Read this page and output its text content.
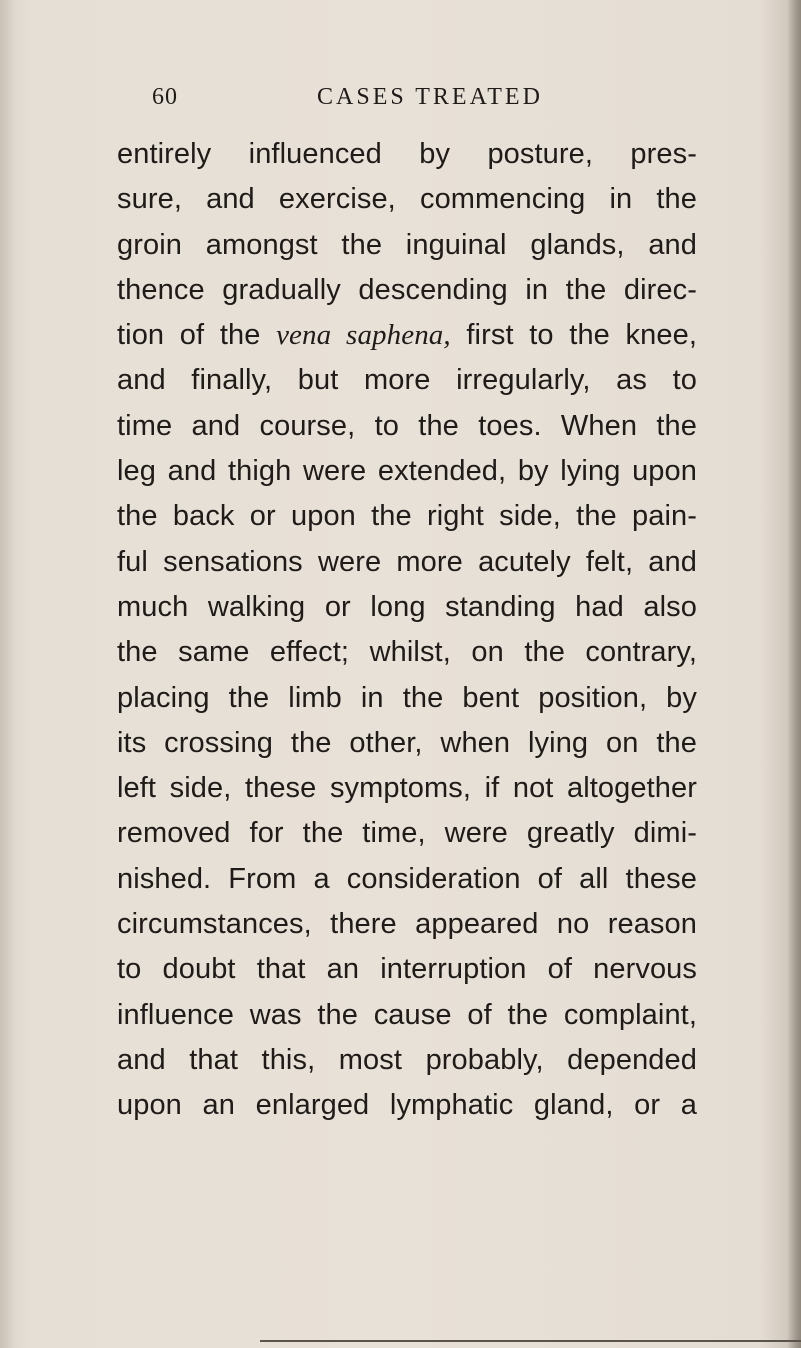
60	CASES TREATED
entirely influenced by posture, pres-
sure, and exercise, commencing in the
groin amongst the inguinal glands, and
thence gradually descending in the direc-
tion of the vena saphena, first to the knee,
and finally, but more irregularly, as to
time and course, to the toes. When the
leg and thigh were extended, by lying upon
the back or upon the right side, the pain-
ful sensations were more acutely felt, and
much walking or long standing had also
the same effect; whilst, on the contrary,
placing the limb in the bent position, by
its crossing the other, when lying on the
left side, these symptoms, if not altogether
removed for the time, were greatly dimi-
nished. From a consideration of all these
circumstances, there appeared no reason
to doubt that an interruption of nervous
influence was the cause of the complaint,
and that this, most probably, depended
upon an enlarged lymphatic gland, or a
